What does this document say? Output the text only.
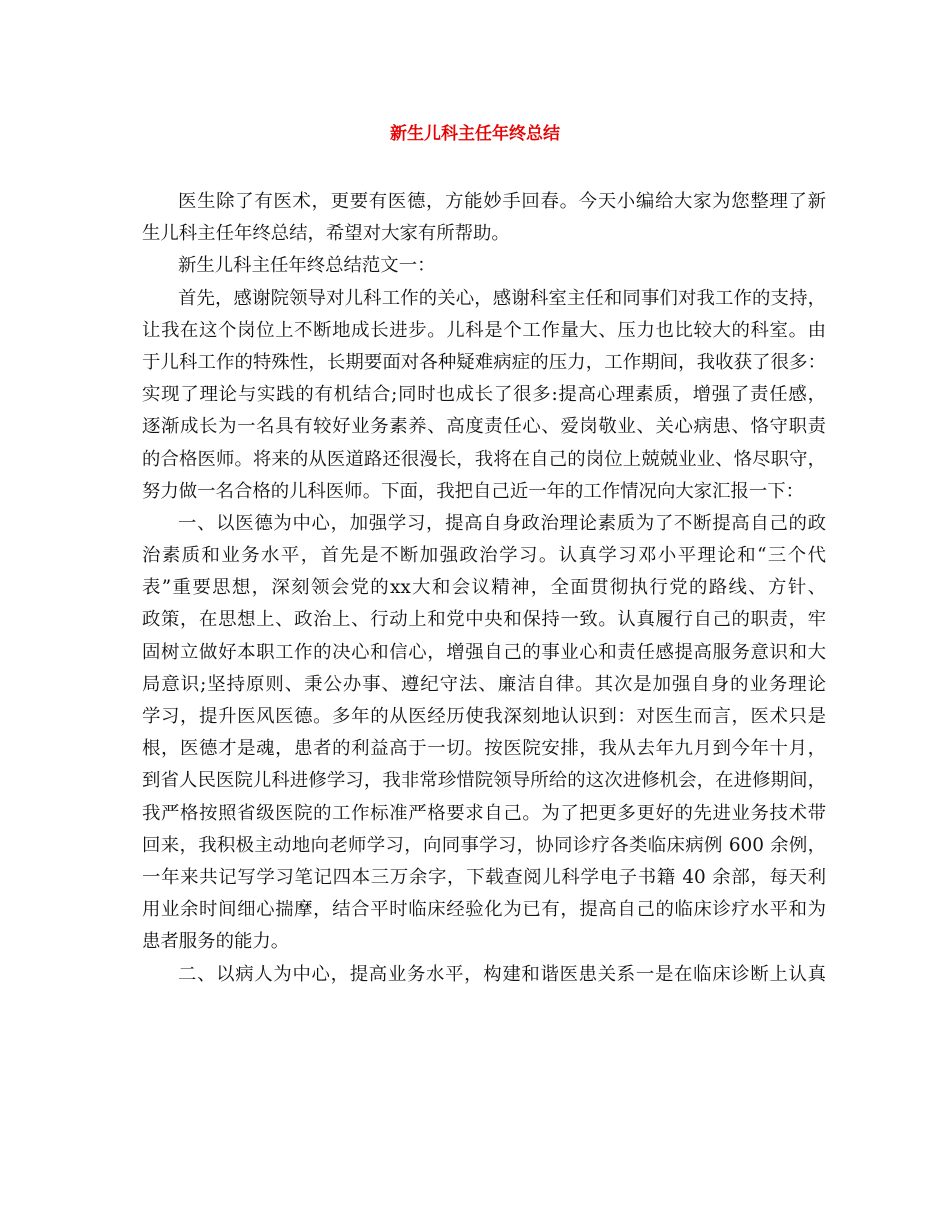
新生儿科主任年终总结
医生除了有医术，更要有医德，方能妙手回春。今天小编给大家为您整理了新
生儿科主任年终总结，希望对大家有所帮助。
新生儿科主任年终总结范文一：
首先，感谢院领导对儿科工作的关心，感谢科室主任和同事们对我工作的支持，
让我在这个岗位上不断地成长进步。儿科是个工作量大、压力也比较大的科室。由
于儿科工作的特殊性，长期要面对各种疑难病症的压力，工作期间，我收获了很多：
实现了理论与实践的有机结合;同时也成长了很多:提高心理素质，增强了责任感，
逐渐成长为一名具有较好业务素养、高度责任心、爱岗敬业、关心病患、恪守职责
的合格医师。将来的从医道路还很漫长，我将在自己的岗位上兢兢业业、恪尽职守，
努力做一名合格的儿科医师。下面，我把自己近一年的工作情况向大家汇报一下：
一、以医德为中心，加强学习，提高自身政治理论素质为了不断提高自己的政
治素质和业务水平，首先是不断加强政治学习。认真学习邓小平理论和“三个代
表”重要思想，深刻领会党的xx大和会议精神，全面贯彻执行党的路线、方针、
政策，在思想上、政治上、行动上和党中央和保持一致。认真履行自己的职责，牢
固树立做好本职工作的决心和信心，增强自己的事业心和责任感提高服务意识和大
局意识;坚持原则、秉公办事、遵纪守法、廉洁自律。其次是加强自身的业务理论
学习，提升医风医德。多年的从医经历使我深刻地认识到：对医生而言，医术只是
根，医德才是魂，患者的利益高于一切。按医院安排，我从去年九月到今年十月，
到省人民医院儿科进修学习，我非常珍惜院领导所给的这次进修机会，在进修期间，
我严格按照省级医院的工作标准严格要求自己。为了把更多更好的先进业务技术带
回来，我积极主动地向老师学习，向同事学习，协同诊疗各类临床病例 600 余例，
一年来共记写学习笔记四本三万余字，下载查阅儿科学电子书籍 40 余部，每天利
用业余时间细心揣摩，结合平时临床经验化为已有，提高自己的临床诊疗水平和为
患者服务的能力。
二、以病人为中心，提高业务水平，构建和谐医患关系一是在临床诊断上认真
